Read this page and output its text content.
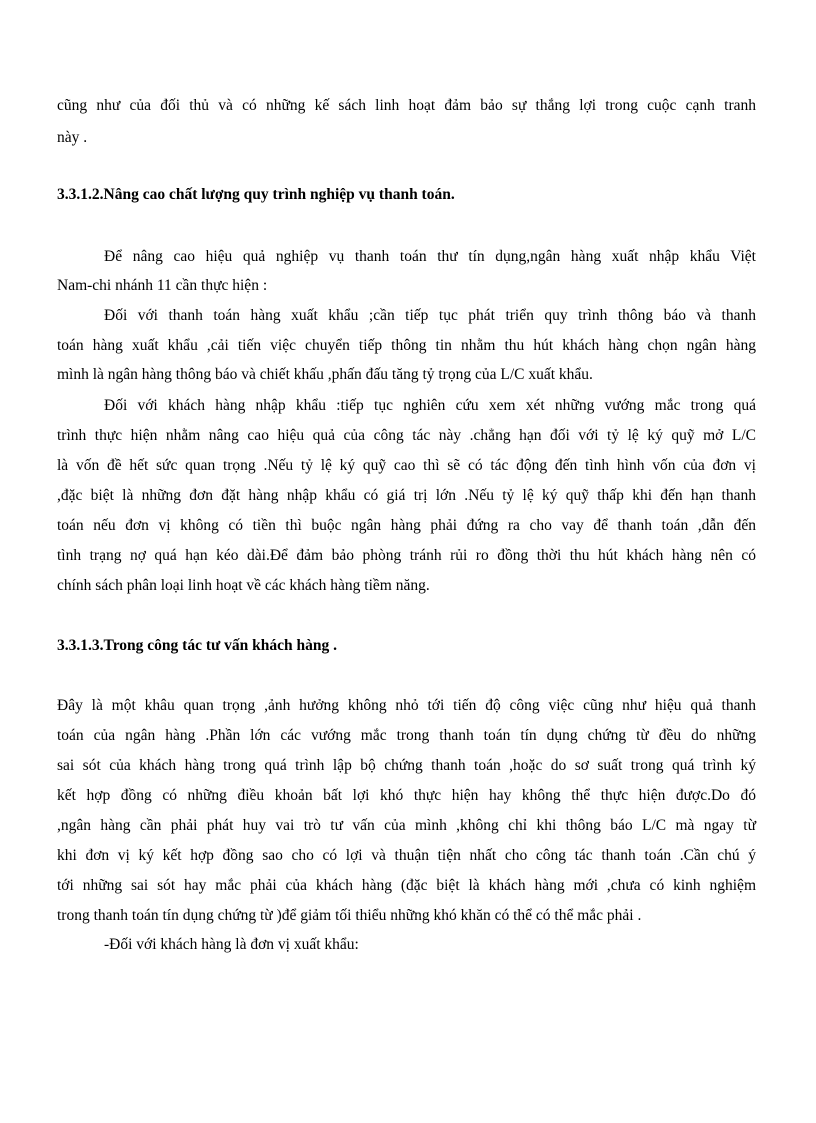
cũng như của đối thủ và có những kế sách linh hoạt đảm bảo sự thắng lợi trong cuộc cạnh tranh
này .
3.3.1.2.Nâng cao chất lượng quy trình nghiệp vụ thanh toán.
Để nâng cao hiệu quả nghiệp vụ thanh toán thư tín dụng,ngân hàng xuất nhập khẩu Việt
Nam-chi nhánh 11 cần thực hiện :
Đối với thanh toán hàng xuất khẩu ;cần tiếp tục phát triển quy trình thông báo và thanh
toán hàng xuất khẩu ,cải tiến việc chuyển tiếp thông tin nhằm thu hút khách hàng chọn ngân hàng
mình là ngân hàng thông báo và chiết khấu ,phấn đấu tăng tỷ trọng của L/C xuất khẩu.
Đối với khách hàng nhập khẩu :tiếp tục nghiên cứu xem xét những vướng mắc trong quá
trình thực hiện nhằm nâng cao hiệu quả của công tác này .chẳng hạn đối với tỷ lệ ký quỹ mở L/C
là vốn đề hết sức quan trọng .Nếu tỷ lệ ký quỹ cao thì sẽ có tác động đến tình hình vốn của đơn vị
,đặc biệt là những đơn đặt hàng nhập khẩu có giá trị lớn .Nếu tỷ lệ ký quỹ thấp khi đến hạn thanh
toán nếu đơn vị không có tiền thì buộc ngân hàng phải đứng ra cho vay để thanh toán ,dẫn đến
tình trạng nợ quá hạn kéo dài.Để đảm bảo phòng tránh rủi ro đồng thời thu hút khách hàng nên có
chính sách phân loại linh hoạt về các khách hàng tiềm năng.
3.3.1.3.Trong công tác tư vấn khách hàng .
Đây là một khâu quan trọng ,ảnh hưởng không nhỏ tới tiến độ công việc cũng như hiệu quả thanh
toán của ngân hàng .Phần lớn các vướng mắc trong thanh toán tín dụng chứng từ đều do những
sai sót của khách hàng trong quá trình lập bộ chứng thanh toán ,hoặc do sơ suất trong quá trình ký
kết hợp đồng có những điều khoản bất lợi khó thực hiện hay không thể thực hiện được.Do đó
,ngân hàng cần phải phát huy vai trò tư vấn của mình ,không chỉ khi thông báo L/C mà ngay từ
khi đơn vị ký kết hợp đồng sao cho có lợi và thuận tiện nhất cho công tác thanh toán .Cần chú ý
tới những sai sót hay mắc phải của khách hàng (đặc biệt là khách hàng mới ,chưa có kinh nghiệm
trong thanh toán tín dụng chứng từ )để giảm tối thiểu những khó khăn có thể có thể mắc phải .
-Đối với khách hàng là đơn vị xuất khẩu:
